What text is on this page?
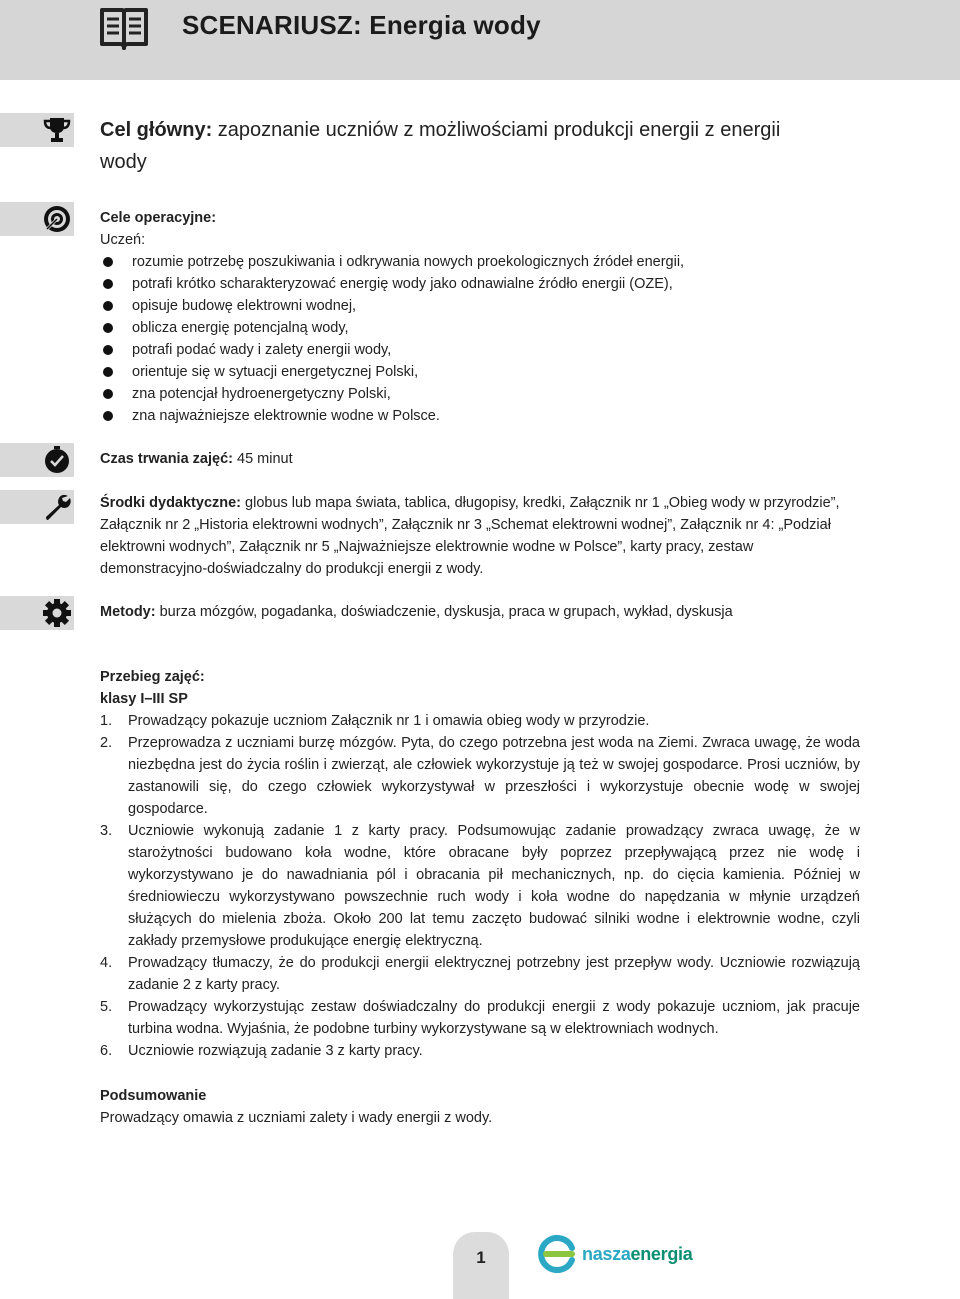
SCENARIUSZ: Energia wody
Cel główny: zapoznanie uczniów z możliwościami produkcji energii z energii wody
Cele operacyjne:
Uczeń:
rozumie potrzebę poszukiwania i odkrywania nowych proekologicznych źródeł energii,
potrafi krótko scharakteryzować energię wody jako odnawialne źródło energii (OZE),
opisuje budowę elektrowni wodnej,
oblicza energię potencjalną wody,
potrafi podać wady i zalety energii wody,
orientuje się w sytuacji energetycznej Polski,
zna potencjał hydroenergetyczny Polski,
zna najważniejsze elektrownie wodne w Polsce.
Czas trwania zajęć: 45 minut
Środki dydaktyczne: globus lub mapa świata, tablica, długopisy, kredki, Załącznik nr 1 „Obieg wody w przyrodzie”, Załącznik nr 2 „Historia elektrowni wodnych”, Załącznik nr 3 „Schemat elektrowni wodnej”, Załącznik nr 4: „Podział elektrowni wodnych”, Załącznik nr 5 „Najważniejsze elektrownie wodne w Polsce”, karty pracy, zestaw demonstracyjno-doświadczalny do produkcji energii z wody.
Metody: burza mózgów, pogadanka, doświadczenie, dyskusja, praca w grupach, wykład, dyskusja
Przebieg zajęć:
klasy I–III SP
1. Prowadzący pokazuje uczniom Załącznik nr 1 i omawia obieg wody w przyrodzie.
2. Przeprowadza z uczniami burzę mózgów. Pyta, do czego potrzebna jest woda na Ziemi. Zwraca uwagę, że woda niezbędna jest do życia roślin i zwierząt, ale człowiek wykorzystuje ją też w swojej gospodarce. Prosi uczniów, by zastanowili się, do czego człowiek wykorzystywał w przeszłości i wykorzystuje obecnie wodę w swojej gospodarce.
3. Uczniowie wykonują zadanie 1 z karty pracy. Podsumowując zadanie prowadzący zwraca uwagę, że w starożytności budowano koła wodne, które obracane były poprzez przepływającą przez nie wodę i wykorzystywano je do nawadniania pól i obracania pił mechanicznych, np. do cięcia kamienia. Później w średniowieczu wykorzystywano powszechnie ruch wody i koła wodne do napędzania w młynie urządzeń służących do mielenia zboża. Około 200 lat temu zaczęto budować silniki wodne i elektrownie wodne, czyli zakłady przemysłowe produkujące energię elektryczną.
4. Prowadzący tłumaczy, że do produkcji energii elektrycznej potrzebny jest przepływ wody. Uczniowie rozwiązują zadanie 2 z karty pracy.
5. Prowadzący wykorzystując zestaw doświadczalny do produkcji energii z wody pokazuje uczniom, jak pracuje turbina wodna. Wyjaśnia, że podobne turbiny wykorzystywane są w elektrowniach wodnych.
6. Uczniowie rozwiązują zadanie 3 z karty pracy.
Podsumowanie
Prowadzący omawia z uczniami zalety i wady energii z wody.
1	naszaenergia
